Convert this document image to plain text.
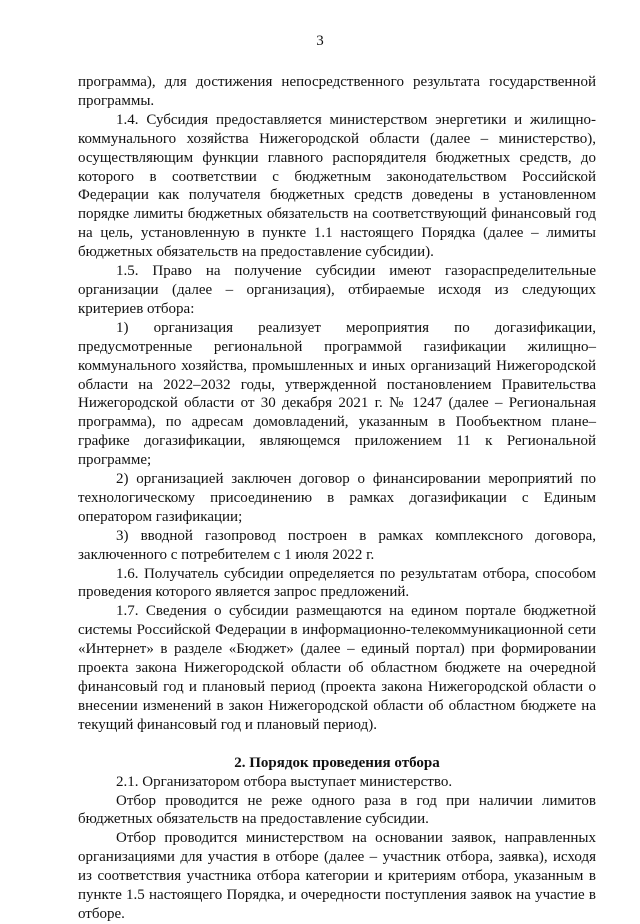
3

программа), для достижения непосредственного результата государственной программы.

1.4. Субсидия предоставляется министерством энергетики и жилищно-коммунального хозяйства Нижегородской области (далее – министерство), осуществляющим функции главного распорядителя бюджетных средств, до которого в соответствии с бюджетным законодательством Российской Федерации как получателя бюджетных средств доведены в установленном порядке лимиты бюджетных обязательств на соответствующий финансовый год на цель, установленную в пункте 1.1 настоящего Порядка (далее – лимиты бюджетных обязательств на предоставление субсидии).

1.5. Право на получение субсидии имеют газораспределительные организации (далее – организация), отбираемые исходя из следующих критериев отбора:

1) организация реализует мероприятия по догазификации, предусмотренные региональной программой газификации жилищно–коммунального хозяйства, промышленных и иных организаций Нижегородской области на 2022–2032 годы, утвержденной постановлением Правительства Нижегородской области от 30 декабря 2021 г. № 1247 (далее – Региональная программа), по адресам домовладений, указанным в Пообъектном плане–графике догазификации, являющемся приложением 11 к Региональной программе;

2) организацией заключен договор о финансировании мероприятий по технологическому присоединению в рамках догазификации с Единым оператором газификации;

3) вводной газопровод построен в рамках комплексного договора, заключенного с потребителем с 1 июля 2022 г.

1.6. Получатель субсидии определяется по результатам отбора, способом проведения которого является запрос предложений.

1.7. Сведения о субсидии размещаются на едином портале бюджетной системы Российской Федерации в информационно-телекоммуникационной сети «Интернет» в разделе «Бюджет» (далее – единый портал) при формировании проекта закона Нижегородской области об областном бюджете на очередной финансовый год и плановый период (проекта закона Нижегородской области о внесении изменений в закон Нижегородской области об областном бюджете на текущий финансовый год и плановый период).

2. Порядок проведения отбора

2.1. Организатором отбора выступает министерство.

Отбор проводится не реже одного раза в год при наличии лимитов бюджетных обязательств на предоставление субсидии.

Отбор проводится министерством на основании заявок, направленных организациями для участия в отборе (далее – участник отбора, заявка), исходя из соответствия участника отбора категории и критериям отбора, указанным в пункте 1.5 настоящего Порядка, и очередности поступления заявок на участие в отборе.
